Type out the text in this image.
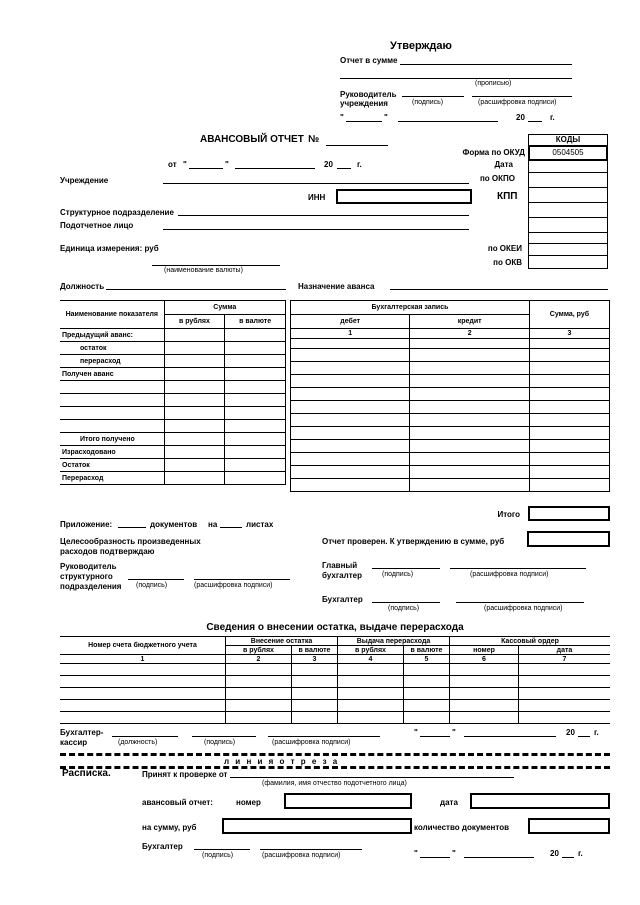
Утверждаю
Отчет в сумме
(прописью)
Руководитель
учреждения	(подпись)	(расшифровка подписи)
"	"	20	г.
АВАНСОВЫЙ ОТЧЕТ №
от "	"	20	г.
КОДЫ
0504505
Форма по ОКУД
Дата
по ОКПО
Учреждение
ИНН	КПП
Структурное подразделение
Подотчетное лицо
Единица измерения: руб	по ОКЕИ
по ОКВ
(наименование валюты)
Должность	Назначение аванса
Наименование показателя	Сумма	
	в рублях	в валюте
Предыдущий аванс:		
остаток		
перерасход		
Получен аванс		

Итого получено		
Израсходовано		
Остаток		
Перерасход		
Бухгалтерская запись		Сумма, руб
дебет	кредит	
1	2	3

Итого
Приложение:	документов на	листах
Целесообразность произведенных
расходов подтверждаю
Отчет проверен. К утверждению в сумме, руб
Руководитель
структурного
подразделения (подпись)	(расшифровка подписи)
Главный
бухгалтер	(подпись)	(расшифровка подписи)
Бухгалтер
(подпись)	(расшифровка подписи)
Сведения о внесении остатка, выдаче перерасхода
Номер счета бюджетного учета	Внесение остатка		Выдача перерасхода		Кассовый ордер	
	в рублях	в валюте	в рублях	в валюте	номер	дата
1	2	3	4	5	6	7

Бухгалтер-
кассир	(должность)	(подпись)	(расшифровка подписи)
"	"	20 г.
л и н и я о т р е з а
Расписка.	Принят к проверке от
(фамилия, имя отчество подотчетного лица)
авансовый отчет:	номер	дата
на сумму, руб	количество документов
Бухгалтер
(подпись)	(расшифровка подписи)	"	"	20 г.
